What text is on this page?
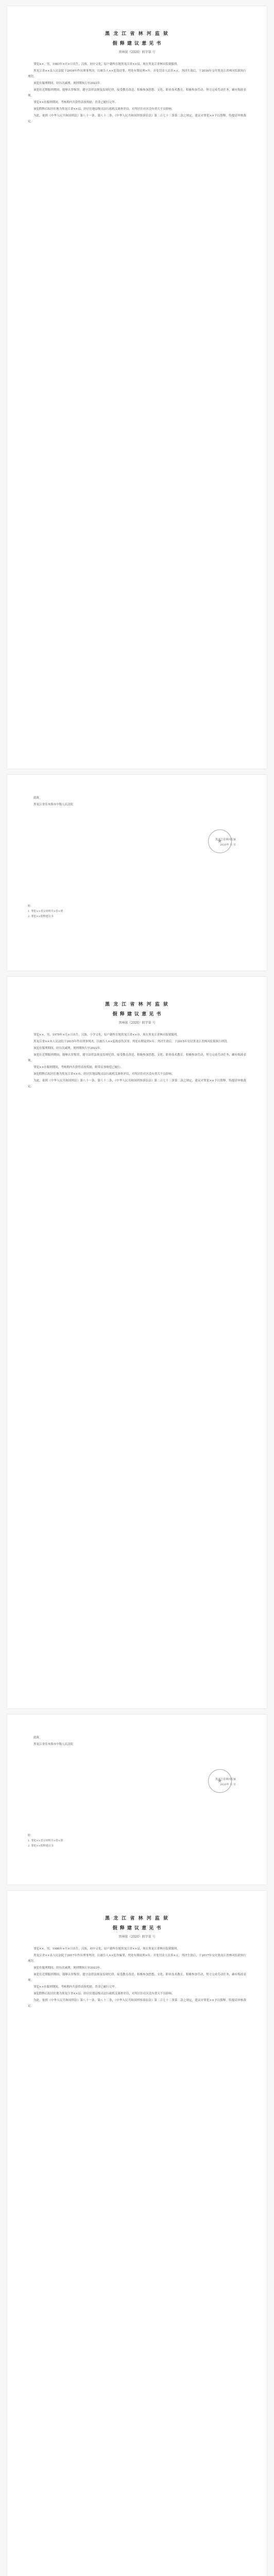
黑 龙 江 省 林 河 监 狱

假 释 建 议 意 见 书

黑林狱（2020）假字第 号

罪犯××，男，1983年×月×日出生，汉族，初中文化，原户籍所在地黑龙江省××县，现在黑龙江省林河监狱服刑。

黑龙江省××县人民法院于2016年作出刑事判决，以被告人××犯盗窃罪，判处有期徒刑×年，并处罚金人民币×元。判决生效后，于2016年交付黑龙江省林河监狱执行刑罚。

该犯在服刑期间，经历次减刑，现刑期执行至2022年。

该犯在近期服刑期间，能够认罪悔罪，遵守法律法规及监规纪律，接受教育改造，积极参加思想、文化、职业技术教育，积极参加劳动，努力完成劳动任务，确有悔改表现。

罪犯××在服刑期间，考核期内共获得表扬奖励，罚金已履行完毕。

该犯假释后拟居住地为黑龙江省××县，经居住地县级司法行政机关调查评估，对所居住社区没有重大不良影响。

为此，依照《中华人民共和国刑法》第八十一条、第八十二条，《中华人民共和国刑事诉讼法》第二百七十三条第二款之规定，建议对罪犯××予以假释。特提请审核裁定。

此致

黑龙江省佳木斯市中级人民法院

黑龙江省林河监狱
2020年 月 日
附：
1. 罪犯××卷宗材料共×卷×册
2. 罪犯××假释建议书

黑 龙 江 省 林 河 监 狱

假 释 建 议 意 见 书

黑林狱（2020）假字第 号

罪犯××，男，1979年×月×日出生，汉族，小学文化，原户籍所在地黑龙江省××市，现在黑龙江省林河监狱服刑。

黑龙江省××市人民法院于2015年作出刑事判决，以被告人××犯故意伤害罪，判处有期徒刑×年。判决生效后，于2015年交付黑龙江省林河监狱执行刑罚。

该犯在服刑期间，经历次减刑，现刑期执行至2022年。

该犯在近期服刑期间，能够认罪悔罪，遵守法律法规及监规纪律，接受教育改造，积极参加思想、文化、职业技术教育，积极参加劳动，努力完成劳动任务，确有悔改表现。

罪犯××在服刑期间，考核期内共获得表扬奖励，附带民事赔偿已履行。

该犯假释后拟居住地为黑龙江省××市，经居住地县级司法行政机关调查评估，对所居住社区没有重大不良影响。

为此，依照《中华人民共和国刑法》第八十一条、第八十二条，《中华人民共和国刑事诉讼法》第二百七十三条第二款之规定，建议对罪犯××予以假释。特提请审核裁定。

此致

黑龙江省佳木斯市中级人民法院

黑龙江省林河监狱
2020年 月 日
附：
1. 罪犯××卷宗材料共×卷×册
2. 罪犯××假释建议书

黑 龙 江 省 林 河 监 狱

假 释 建 议 意 见 书

黑林狱（2020）假字第 号

罪犯××，男，1986年×月×日出生，汉族，初中文化，原户籍所在地黑龙江省××县，现在黑龙江省林河监狱服刑。

黑龙江省××县人民法院于2017年作出刑事判决，以被告人××犯诈骗罪，判处有期徒刑×年，并处罚金人民币×元。判决生效后，于2017年交付黑龙江省林河监狱执行刑罚。

该犯在服刑期间，经历次减刑，现刑期执行至2023年。

该犯在近期服刑期间，能够认罪悔罪，遵守法律法规及监规纪律，接受教育改造，积极参加思想、文化、职业技术教育，积极参加劳动，努力完成劳动任务，确有悔改表现。

罪犯××在服刑期间，考核期内共获得表扬奖励，罚金已履行完毕。

该犯假释后拟居住地为黑龙江省××县，经居住地县级司法行政机关调查评估，对所居住社区没有重大不良影响。

为此，依照《中华人民共和国刑法》第八十一条、第八十二条，《中华人民共和国刑事诉讼法》第二百七十三条第二款之规定，建议对罪犯××予以假释。特提请审核裁定。
